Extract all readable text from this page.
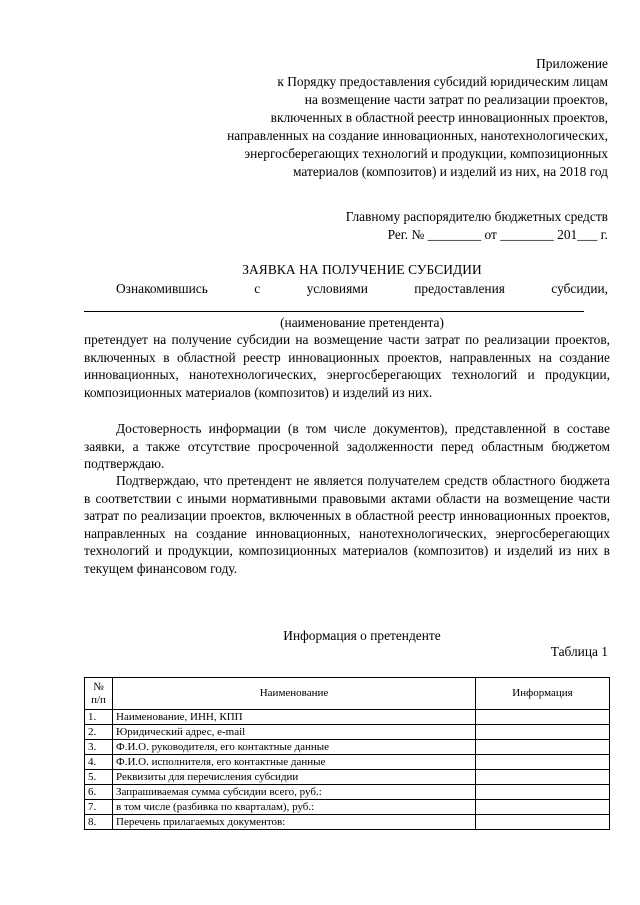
Приложение
к Порядку предоставления субсидий юридическим лицам
на возмещение части затрат по реализации проектов,
включенных в областной реестр инновационных проектов,
направленных на создание инновационных, нанотехнологических,
энергосберегающих технологий и продукции, композиционных
материалов (композитов) и изделий из них, на 2018 год
Главному распорядителю бюджетных средств
Рег. № ________ от ________ 201___ г.
ЗАЯВКА НА ПОЛУЧЕНИЕ СУБСИДИИ
Ознакомившись	с	условиями	предоставления	субсидии,
(наименование претендента)
претендует на получение субсидии на возмещение части затрат по реализации проектов, включенных в областной реестр инновационных проектов, направленных на создание инновационных, нанотехнологических, энергосберегающих технологий и продукции, композиционных материалов (композитов) и изделий из них.
Достоверность информации (в том числе документов), представленной в составе заявки, а также отсутствие просроченной задолженности перед областным бюджетом подтверждаю.
Подтверждаю, что претендент не является получателем средств областного бюджета в соответствии с иными нормативными правовыми актами области на возмещение части затрат по реализации проектов, включенных в областной реестр инновационных проектов, направленных на создание инновационных, нанотехнологических, энергосберегающих технологий и продукции, композиционных материалов (композитов) и изделий из них в текущем финансовом году.
Информация о претенденте
Таблица 1
№ п/п	Наименование	Информация
1.	Наименование, ИНН, КПП	
2.	Юридический адрес, e-mail	
3.	Ф.И.О. руководителя, его контактные данные	
4.	Ф.И.О. исполнителя, его контактные данные	
5.	Реквизиты для перечисления субсидии	
6.	Запрашиваемая сумма субсидии всего, руб.:	
7.	в том числе (разбивка по кварталам), руб.:	
8.	Перечень прилагаемых документов:	
